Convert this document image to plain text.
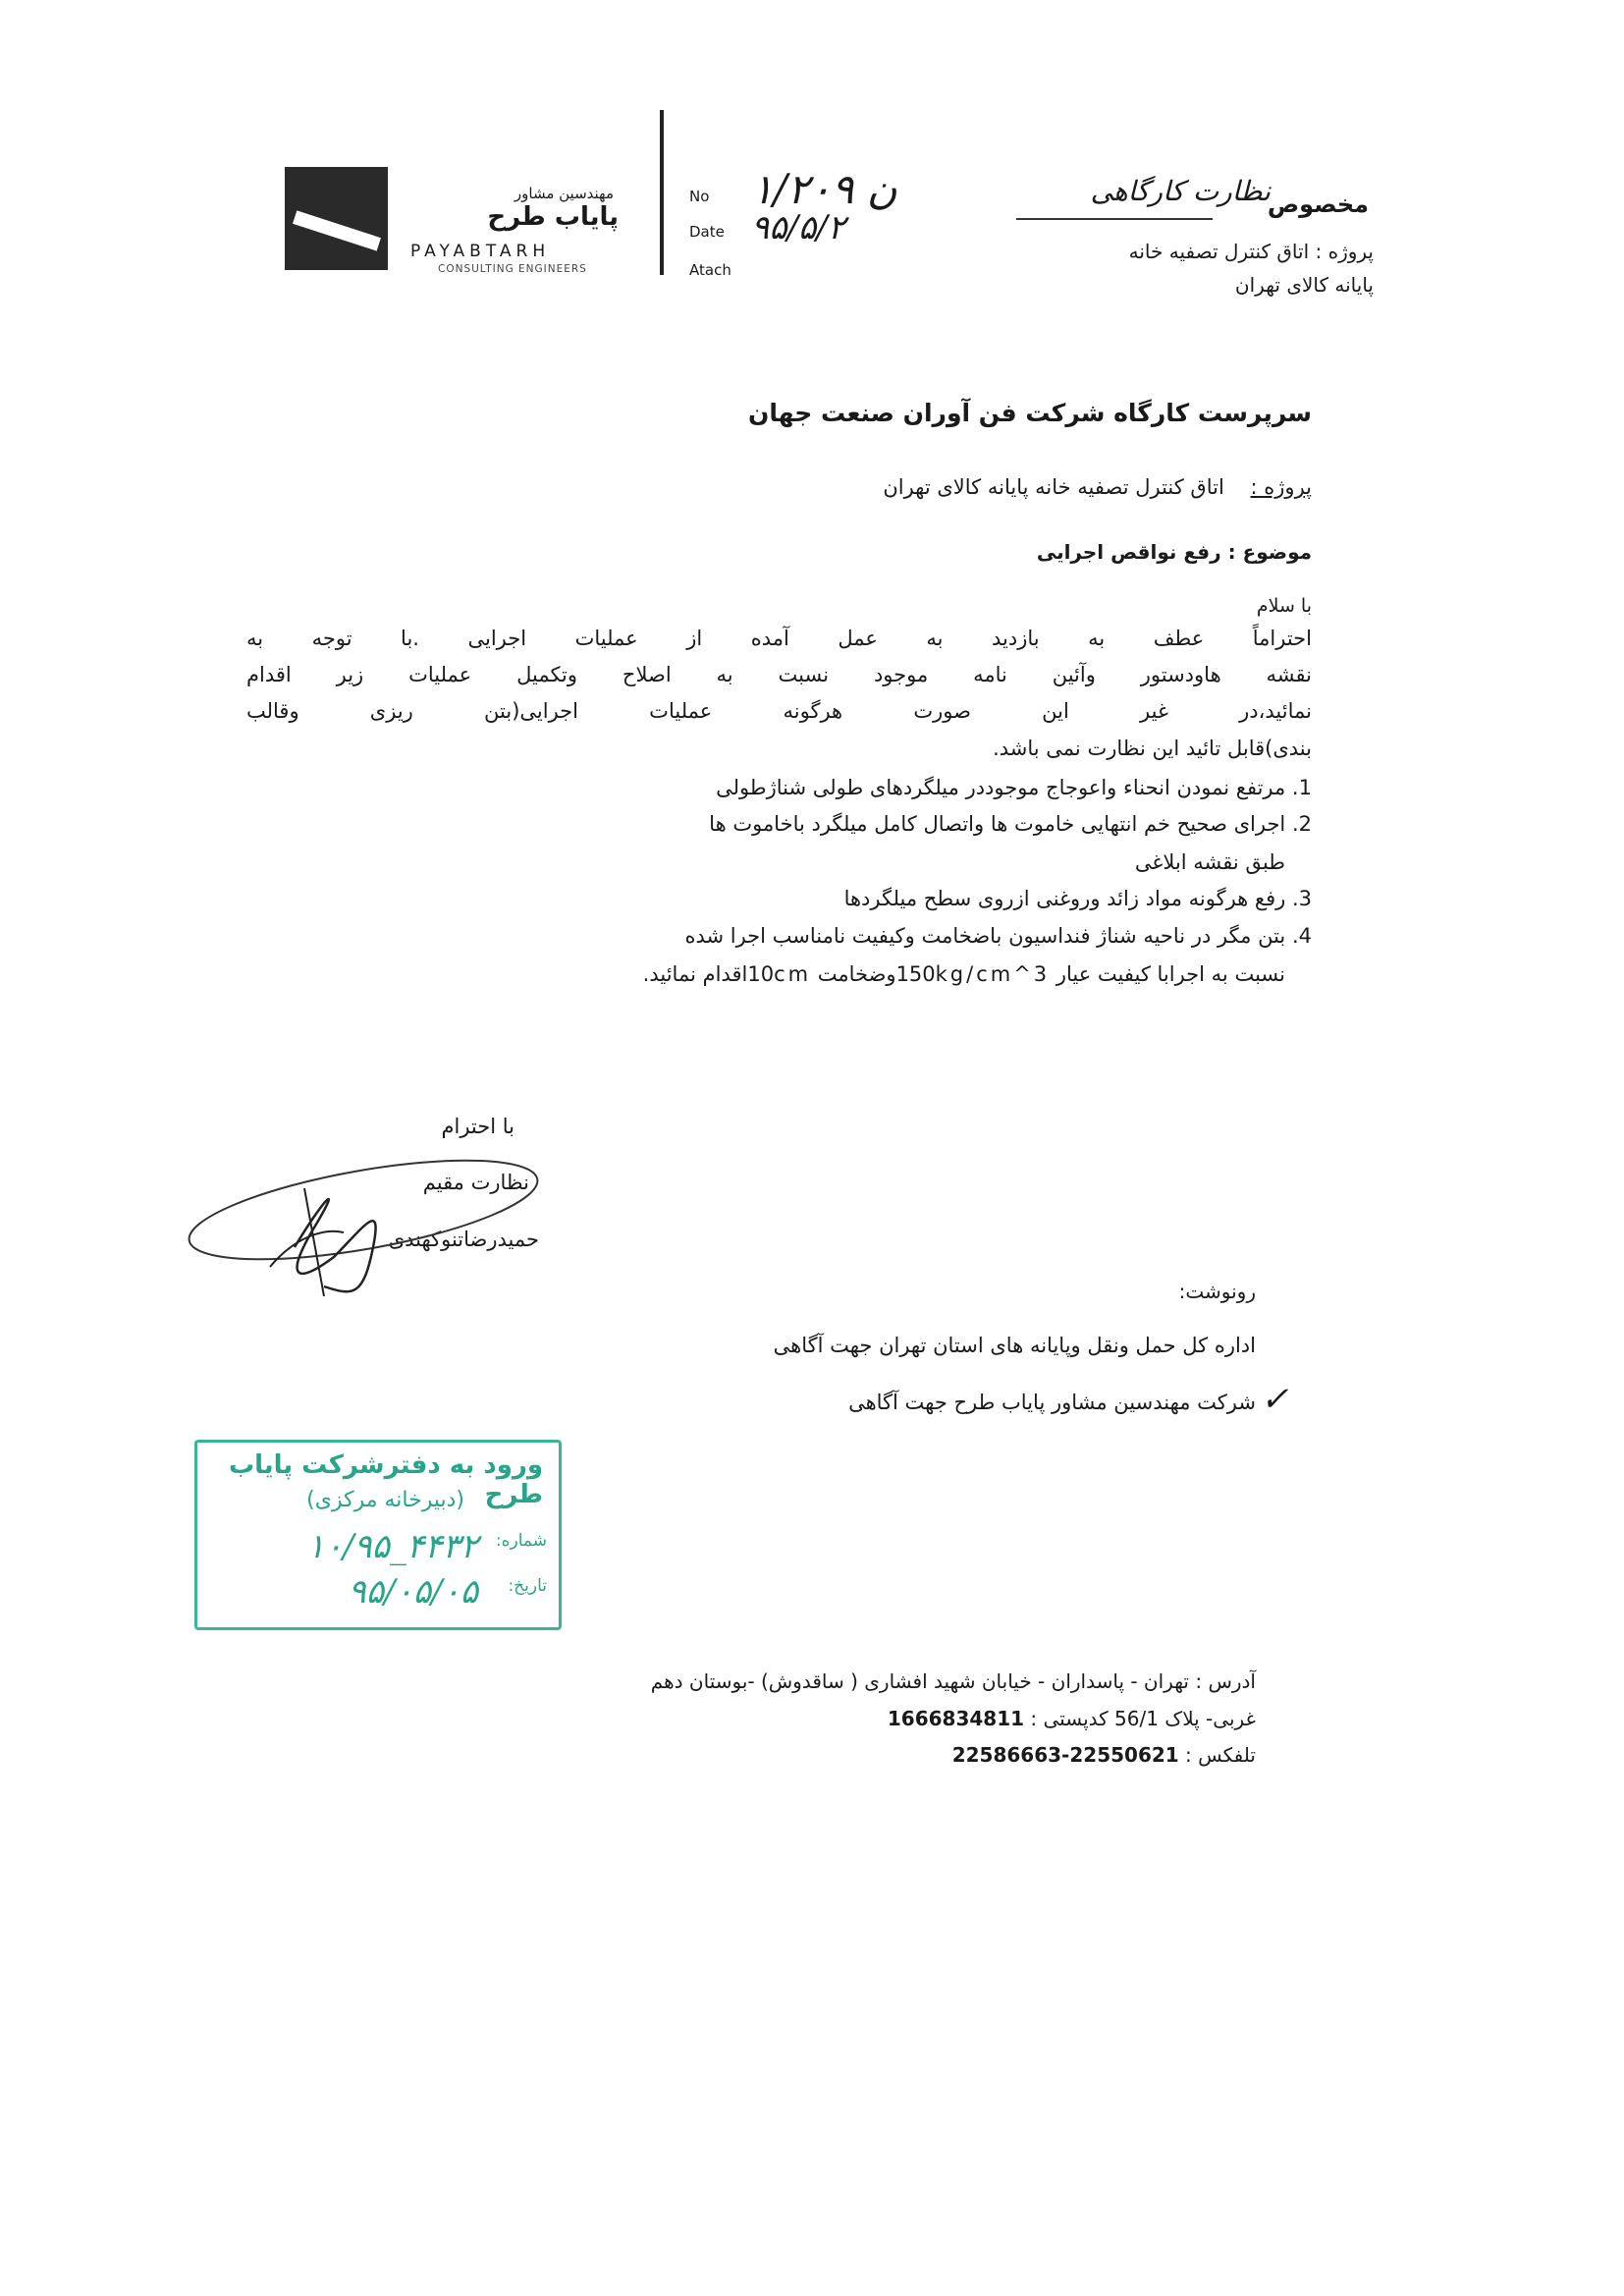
مهندسین مشاور
پایاب طرح
PAYABTARH
CONSULTING ENGINEERS
No ۱/ن ۲۰۹
Date ۹۵/۵/۲
Atach
مخصوص
نظارت کارگاهی
پروژه : اتاق کنترل تصفیه خانه
پایانه کالای تهران
سرپرست کارگاه شرکت فن آوران صنعت جهان
پروژه :    اتاق کنترل تصفیه خانه پایانه کالای تهران
موضوع : رفع نواقص اجرایی
با سلام
احتراماً عطف به بازدید به عمل آمده از عملیات اجرایی .با توجه به
نقشه هاودستور وآئین نامه موجود نسبت به اصلاح وتکمیل عملیات زیر اقدام
نمائید،در غیر این صورت هرگونه عملیات اجرایی(بتن ریزی وقالب
بندی)قابل تائید این نظارت نمی باشد.
1. مرتفع نمودن انحناء واعوجاج موجوددر میلگردهای طولی شناژطولی
2. اجرای صحیح خم انتهایی خاموت ها واتصال کامل میلگرد باخاموت ها
طبق نقشه ابلاغی
3. رفع هرگونه مواد زائد وروغنی ازروی سطح میلگردها
4. بتن مگر در ناحیه شناژ فنداسیون باضخامت وکیفیت نامناسب اجرا شده
نسبت به اجرابا کیفیت عیار 150kg/cm^3وضخامت 10cmاقدام نمائید.
با احترام
نظارت مقیم
حمیدرضاتنوکهندی
رونوشت:
اداره کل حمل ونقل وپایانه های استان تهران جهت آگاهی
شرکت مهندسین مشاور پایاب طرح جهت آگاهی ✓
ورود به دفترشرکت پایاب طرح
(دبیرخانه مرکزی)
شماره:
۱۰/۹۵_۴۴۳۲
تاریخ:
۹۵/۰۵/۰۵
آدرس : تهران - پاسداران - خیابان شهید افشاری ( ساقدوش) -بوستان دهم
غربی- پلاک 56/1 کدپستی : 1666834811
تلفکس : 22550621-22586663
